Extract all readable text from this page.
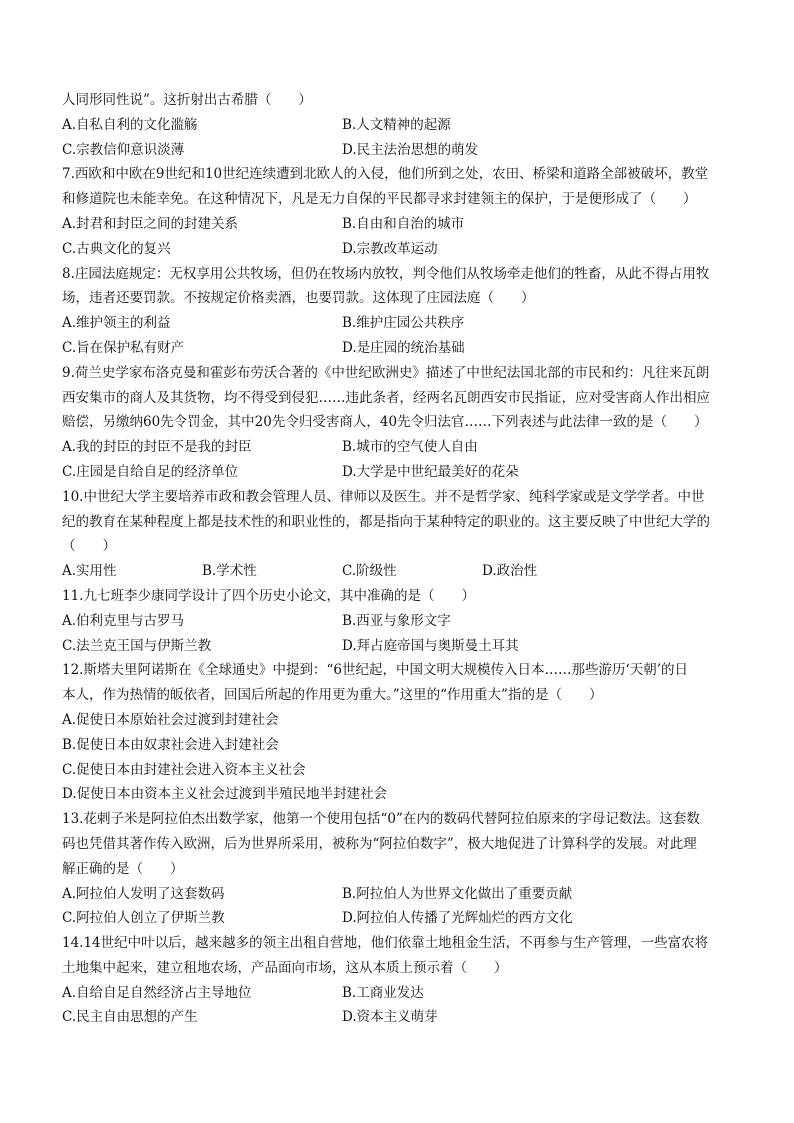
人同形同性说”。这折射出古希腊（　　）
A.自私自利的文化滥觞	B.人文精神的起源
C.宗教信仰意识淡薄	D.民主法治思想的萌发
7.西欧和中欧在9世纪和10世纪连续遭到北欧人的入侵，他们所到之处，农田、桥梁和道路全部被破坏，教堂
和修道院也未能幸免。在这种情况下，凡是无力自保的平民都寻求封建领主的保护，于是便形成了（　　）
A.封君和封臣之间的封建关系	B.自由和自治的城市
C.古典文化的复兴	D.宗教改革运动
8.庄园法庭规定：无权享用公共牧场，但仍在牧场内放牧，判令他们从牧场牵走他们的牲畜，从此不得占用牧
场，违者还要罚款。不按规定价格卖酒，也要罚款。这体现了庄园法庭（　　）
A.维护领主的利益	B.维护庄园公共秩序
C.旨在保护私有财产	D.是庄园的统治基础
9.荷兰史学家布洛克曼和霍彭布劳沃合著的《中世纪欧洲史》描述了中世纪法国北部的市民和约：凡往来瓦朗
西安集市的商人及其货物，均不得受到侵犯……违此条者，经两名瓦朗西安市民指证，应对受害商人作出相应
赔偿，另缴纳60先令罚金，其中20先令归受害商人，40先令归法官……下列表述与此法律一致的是（　　）
A.我的封臣的封臣不是我的封臣	B.城市的空气使人自由
C.庄园是自给自足的经济单位	D.大学是中世纪最美好的花朵
10.中世纪大学主要培养市政和教会管理人员、律师以及医生。并不是哲学家、纯科学家或是文学学者。中世
纪的教育在某种程度上都是技术性的和职业性的，都是指向于某种特定的职业的。这主要反映了中世纪大学的
（　　）
A.实用性	B.学术性	C.阶级性	D.政治性
11.九七班李少康同学设计了四个历史小论文，其中准确的是（　　）
A.伯利克里与古罗马	B.西亚与象形文字
C.法兰克王国与伊斯兰教	D.拜占庭帝国与奥斯曼土耳其
12.斯塔夫里阿诺斯在《全球通史》中提到：“6世纪起，中国文明大规模传入日本……那些游历‘天朝’的日
本人，作为热情的皈依者，回国后所起的作用更为重大。”这里的“作用重大”指的是（　　）
A.促使日本原始社会过渡到封建社会
B.促使日本由奴隶社会进入封建社会
C.促使日本由封建社会进入资本主义社会
D.促使日本由资本主义社会过渡到半殖民地半封建社会
13.花剌子米是阿拉伯杰出数学家，他第一个使用包括“0”在内的数码代替阿拉伯原来的字母记数法。这套数
码也凭借其著作传入欧洲，后为世界所采用，被称为“阿拉伯数字”，极大地促进了计算科学的发展。对此理
解正确的是（　　）
A.阿拉伯人发明了这套数码	B.阿拉伯人为世界文化做出了重要贡献
C.阿拉伯人创立了伊斯兰教	D.阿拉伯人传播了光辉灿烂的西方文化
14.14世纪中叶以后，越来越多的领主出租自营地，他们依靠土地租金生活，不再参与生产管理，一些富农将
土地集中起来，建立租地农场，产品面向市场，这从本质上预示着（　　）
A.自给自足自然经济占主导地位	B.工商业发达
C.民主自由思想的产生	D.资本主义萌芽
